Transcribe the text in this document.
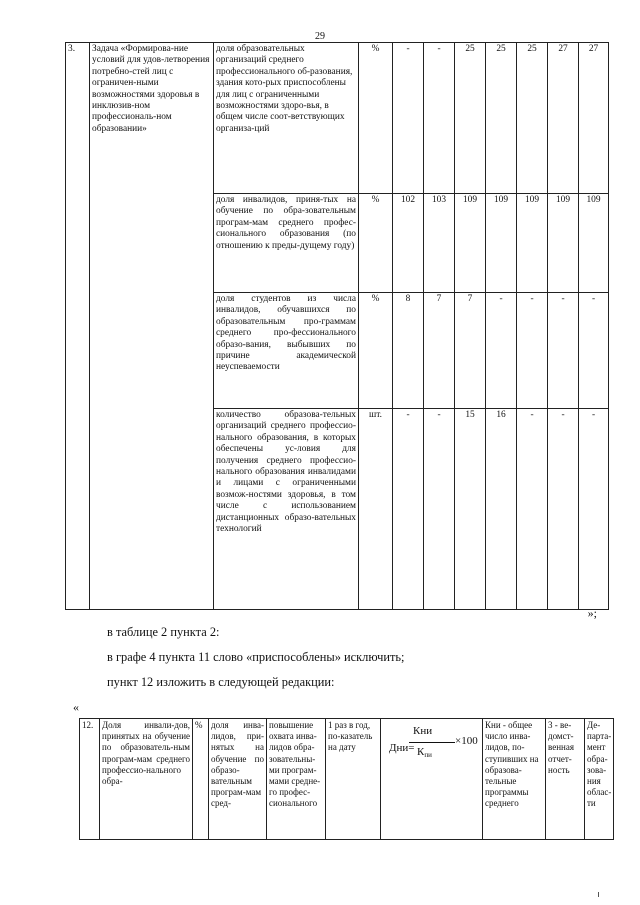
29
3.	Задача «Формирова-ние условий для удов-летворения потребно-стей лиц с ограничен-ными возможностями здоровья в инклюзив-ном профессиональ-ном образовании»	доля образовательных организаций среднего профессионального об-разования, здания кото-рых приспособлены для лиц с ограниченными возможностями здоро-вья, в общем числе соот-ветствующих организа-ций	%	-	-	25	25	25	27	27
		доля инвалидов, приня-тых на обучение по обра-зовательным програм-мам среднего профес-сионального образования (по отношению к преды-дущему году)	%	102	103	109	109	109	109	109
		доля студентов из числа инвалидов, обучавшихся по образовательным про-граммам среднего про-фессионального образо-вания, выбывших по причине академической неуспеваемости	%	8	7	7	-	-	-	-
		количество образова-тельных организаций среднего профессио-нального образования, в которых обеспечены ус-ловия для получения среднего профессио-нального образования инвалидами и лицами с ограниченными возмож-ностями здоровья, в том числе с использованием дистанционных образо-вательных технологий	шт.	-	-	15	16	-	-	-
»;
в таблице 2 пункта 2:
в графе 4 пункта 11 слово «приспособлены» исключить;
пункт 12 изложить в следующей редакции:
«
12.	Доля инвали-дов, принятых на обучение по образователь-ным програм-мам среднего профессио-нального обра-	%	доля инва-лидов, при-нятых на обучение по образо-вательным програм-мам сред-	повышение охвата инва-лидов обра-зовательны-ми програм-мами средне-го профес-сионального	1 раз в год, по-казатель на дату	Дни=
Кни
$К_{пи}$
×100
	Кни - общее число инва-лидов, по-ступивших на образова-тельные программы среднего	3 - ве-домст-венная отчет-ность	Де-парта-мент обра-зова-ния облас-ти
